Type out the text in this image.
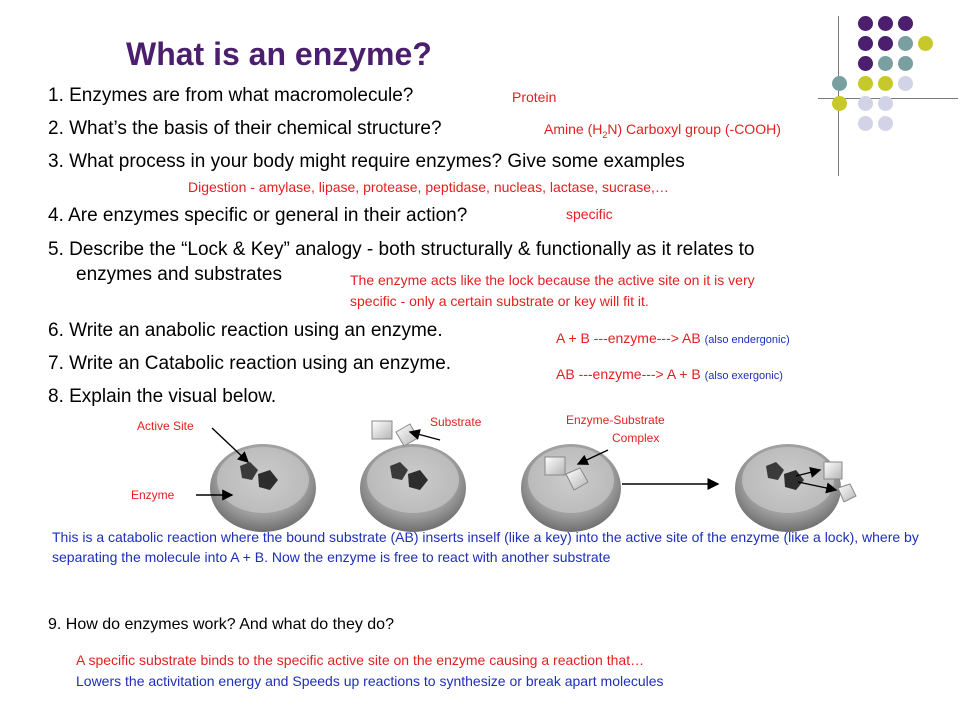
What is an enzyme?
1. Enzymes are from what macromolecule?
2. What’s the basis of their chemical structure?
3. What process in your body might require enzymes? Give some examples
4. Are enzymes specific or general in their action?
5. Describe the “Lock & Key” analogy - both structurally & functionally as it relates to
enzymes and substrates
6. Write an anabolic reaction using an enzyme.
7. Write an Catabolic reaction using an enzyme.
8. Explain the visual below.
9. How do enzymes work? And what do they do?
Protein
Amine $(H_2N)$ Carboxyl group (-COOH)
Digestion - amylase, lipase, protease, peptidase, nucleas, lactase, sucrase,…
specific
The enzyme acts like the lock because the active site on it is very
specific - only a certain substrate or key will fit it.
A + B ---enzyme---> AB (also endergonic)
AB ---enzyme---> A + B (also exergonic)
Active Site
Enzyme
Substrate	Enzyme-Substrate
Complex
This is a catabolic reaction where the bound substrate (AB) inserts inself (like a key) into the active site of the enzyme (like a lock), where by separating the molecule into A + B. Now the enzyme is free to react with another substrate
A specific substrate binds to the specific active site on the enzyme causing a reaction that…
Lowers the activitation energy and Speeds up reactions to synthesize or break apart molecules
